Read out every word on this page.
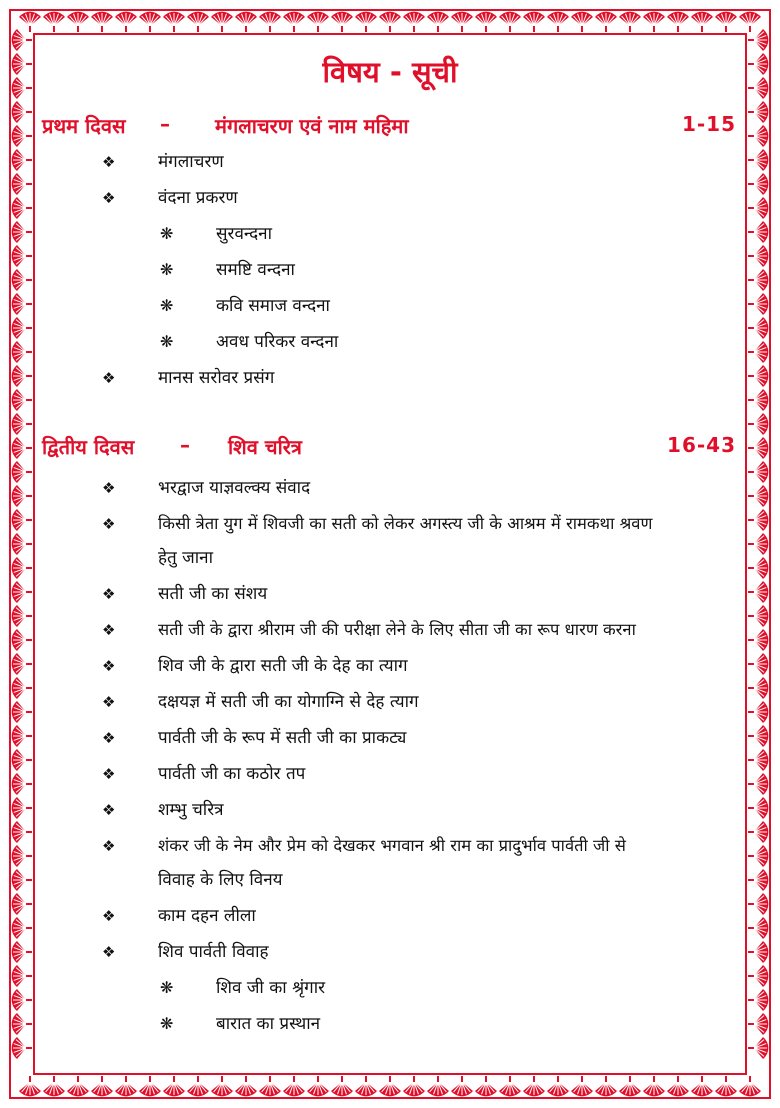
विषय - सूची
प्रथम दिवस – मंगलाचरण एवं नाम महिमा	1-15
❖	मंगलाचरण
❖	वंदना प्रकरण
❋	सुरवन्दना
❋	समष्टि वन्दना
❋	कवि समाज वन्दना
❋	अवध परिकर वन्दना
❖	मानस सरोवर प्रसंग
द्वितीय दिवस – शिव चरित्र	16-43
❖	भरद्वाज याज्ञवल्क्य संवाद
❖	किसी त्रेता युग में शिवजी का सती को लेकर अगस्त्य जी के आश्रम में रामकथा श्रवण
हेतु जाना
❖	सती जी का संशय
❖	सती जी के द्वारा श्रीराम जी की परीक्षा लेने के लिए सीता जी का रूप धारण करना
❖	शिव जी के द्वारा सती जी के देह का त्याग
❖	दक्षयज्ञ में सती जी का योगाग्नि से देह त्याग
❖	पार्वती जी के रूप में सती जी का प्राकट्य
❖	पार्वती जी का कठोर तप
❖	शम्भु चरित्र
❖	शंकर जी के नेम और प्रेम को देखकर भगवान श्री राम का प्रादुर्भाव पार्वती जी से
विवाह के लिए विनय
❖	काम दहन लीला
❖	शिव पार्वती विवाह
❋	शिव जी का श्रृंगार
❋	बारात का प्रस्थान
